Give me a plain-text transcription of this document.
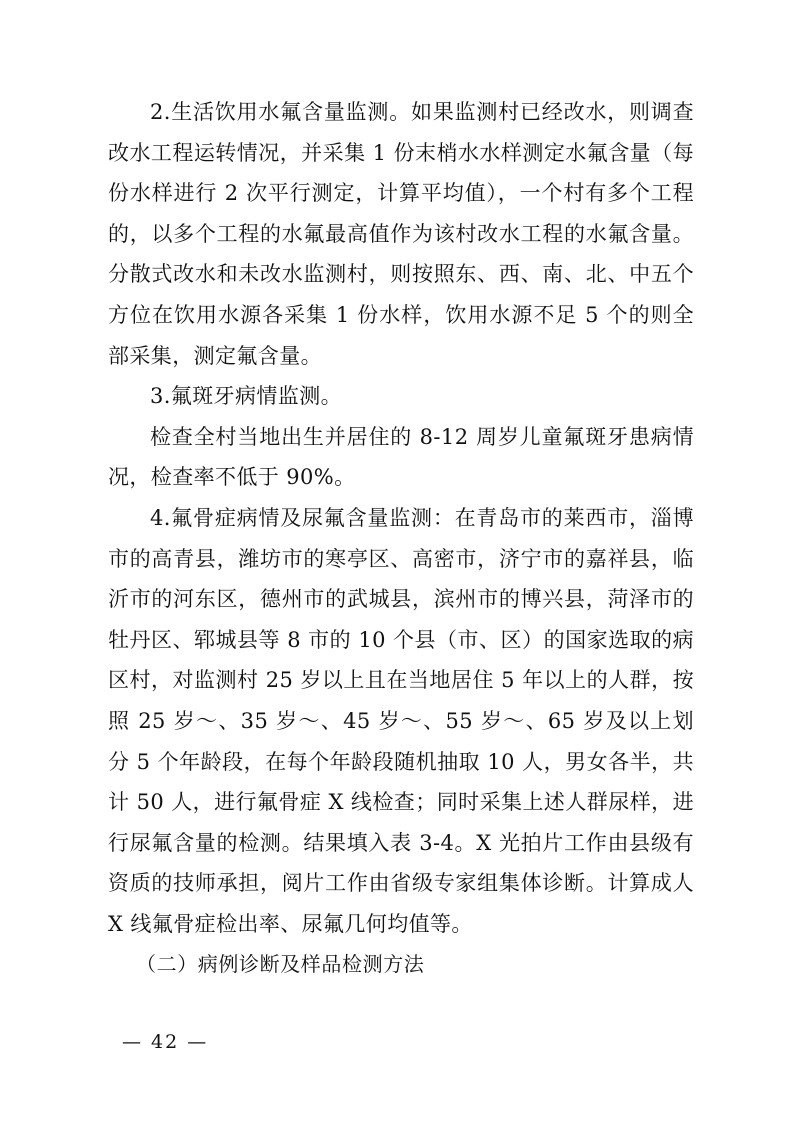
2.生活饮用水氟含量监测。如果监测村已经改水，则调查改水工程运转情况，并采集 1 份末梢水水样测定水氟含量（每份水样进行 2 次平行测定，计算平均值），一个村有多个工程的，以多个工程的水氟最高值作为该村改水工程的水氟含量。分散式改水和未改水监测村，则按照东、西、南、北、中五个方位在饮用水源各采集 1 份水样，饮用水源不足 5 个的则全部采集，测定氟含量。

3.氟斑牙病情监测。

检查全村当地出生并居住的 8-12 周岁儿童氟斑牙患病情况，检查率不低于 90%。

4.氟骨症病情及尿氟含量监测：在青岛市的莱西市，淄博市的高青县，潍坊市的寒亭区、高密市，济宁市的嘉祥县，临沂市的河东区，德州市的武城县，滨州市的博兴县，菏泽市的牡丹区、郓城县等 8 市的 10 个县（市、区）的国家选取的病区村，对监测村 25 岁以上且在当地居住 5 年以上的人群，按照 25 岁～、35 岁～、45 岁～、55 岁～、65 岁及以上划分 5 个年龄段，在每个年龄段随机抽取 10 人，男女各半，共计 50 人，进行氟骨症 X 线检查；同时采集上述人群尿样，进行尿氟含量的检测。结果填入表 3-4。X 光拍片工作由县级有资质的技师承担，阅片工作由省级专家组集体诊断。计算成人 X 线氟骨症检出率、尿氟几何均值等。

（二）病例诊断及样品检测方法

— 42 —
